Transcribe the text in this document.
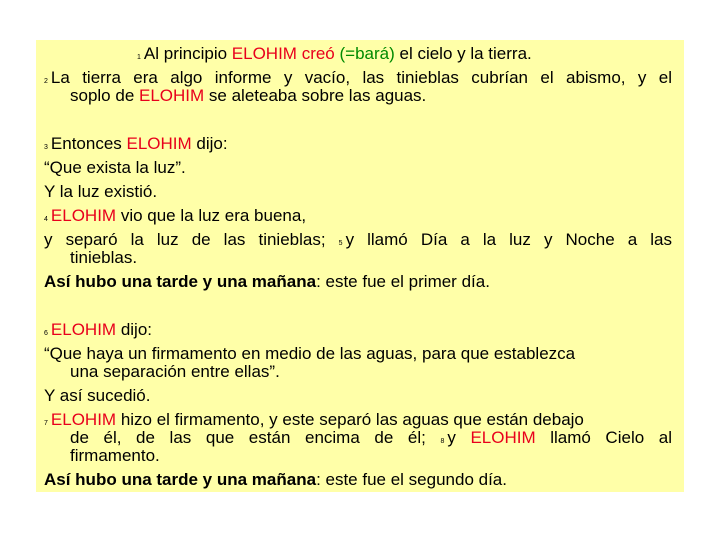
1 Al principio ELOHIM creó (=bará) el cielo y la tierra.
2 La tierra era algo informe y vacío, las tinieblas cubrían el abismo, y el
soplo de ELOHIM se aleteaba sobre las aguas.
3 Entonces ELOHIM dijo:
“Que exista la luz”.
Y la luz existió.
4 ELOHIM vio que la luz era buena,
y separó la luz de las tinieblas; 5 y llamó Día a la luz y Noche a las
tinieblas.
Así hubo una tarde y una mañana: este fue el primer día.
6 ELOHIM dijo:
“Que haya un firmamento en medio de las aguas, para que establezca
una separación entre ellas”.
Y así sucedió.
7 ELOHIM hizo el firmamento, y este separó las aguas que están debajo
de él, de las que están encima de él; 8 y ELOHIM llamó Cielo al
firmamento.
Así hubo una tarde y una mañana: este fue el segundo día.
